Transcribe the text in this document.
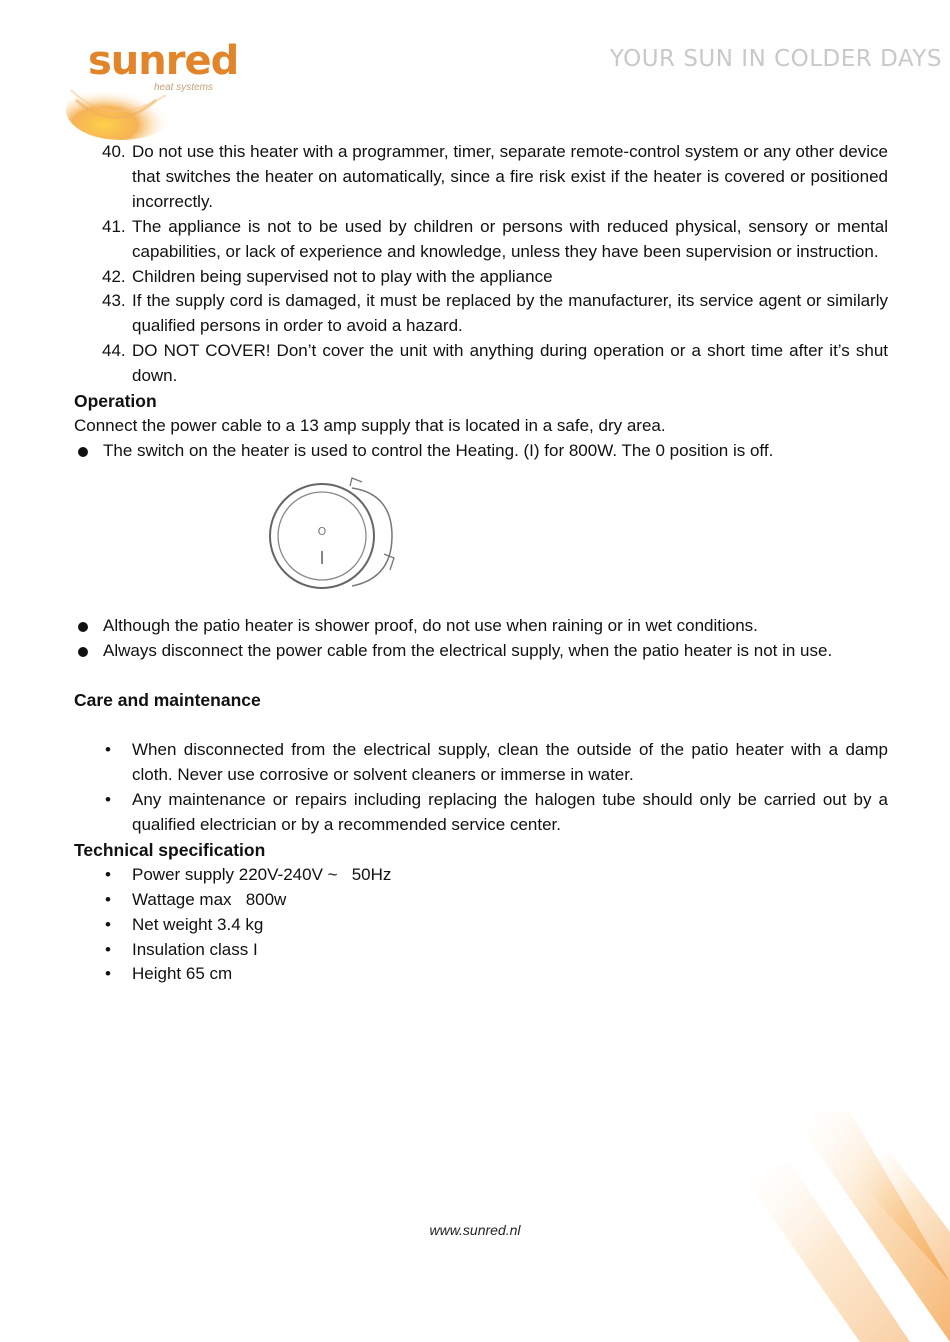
sunred
heat systems
YOUR SUN IN COLDER DAYS
40. Do not use this heater with a programmer, timer, separate remote-control system or any other device that switches the heater on automatically, since a fire risk exist if the heater is covered or positioned incorrectly.
41. The appliance is not to be used by children or persons with reduced physical, sensory or mental capabilities, or lack of experience and knowledge, unless they have been supervision or instruction.
42. Children being supervised not to play with the appliance
43. If the supply cord is damaged, it must be replaced by the manufacturer, its service agent or similarly qualified persons in order to avoid a hazard.
44. DO NOT COVER! Don’t cover the unit with anything during operation or a short time after it’s shut down.
Operation
Connect the power cable to a 13 amp supply that is located in a safe, dry area.
The switch on the heater is used to control the Heating. (I) for 800W. The 0 position is off.
O
I
Although the patio heater is shower proof, do not use when raining or in wet conditions.
Always disconnect the power cable from the electrical supply, when the patio heater is not in use.
Care and maintenance
• When disconnected from the electrical supply, clean the outside of the patio heater with a damp cloth. Never use corrosive or solvent cleaners or immerse in water.
• Any maintenance or repairs including replacing the halogen tube should only be carried out by a qualified electrician or by a recommended service center.
Technical specification
• Power supply 220V-240V ~   50Hz
• Wattage max   800w
• Net weight 3.4 kg
• Insulation class I
• Height 65 cm
www.sunred.nl
